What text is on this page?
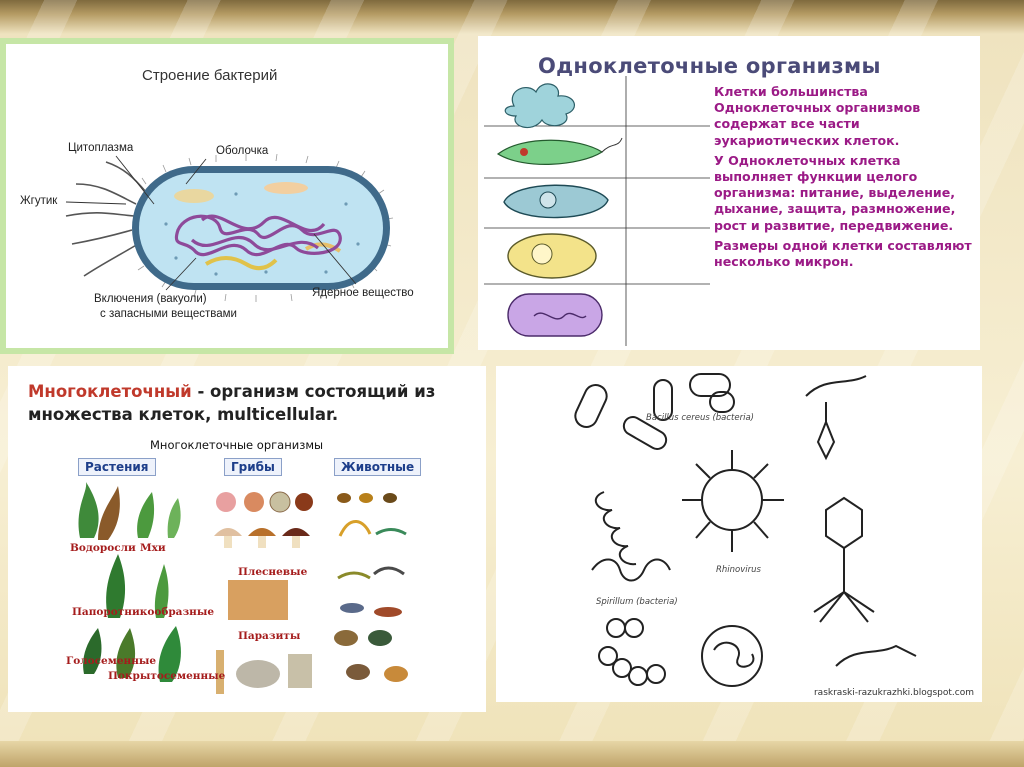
Строение бактерий
Цитоплазма	Оболочка
Жгутик
Включения (вакуоли)
с запасными веществами
Ядерное вещество
Одноклеточные организмы

Клетки большинства Одноклеточных организмов содержат все части эукариотических клеток.

У Одноклеточных клетка выполняет функции целого организма: питание, выделение, дыхание, защита, размножение, рост и развитие, передвижение.

Размеры одной клетки составляют несколько микрон.

Многоклеточный - организм состоящий из множества клеток, multicellular.
Многоклеточные организмы
Растения	Грибы	Животные
Водоросли Мхи
Папоротникообразные
Голосеменные
Покрытосеменные
Плесневые
Паразиты
Bacillus cereus (bacteria)
Rhinovirus
Spirillum (bacteria)
raskraski-razukrazhki.blogspot.com
